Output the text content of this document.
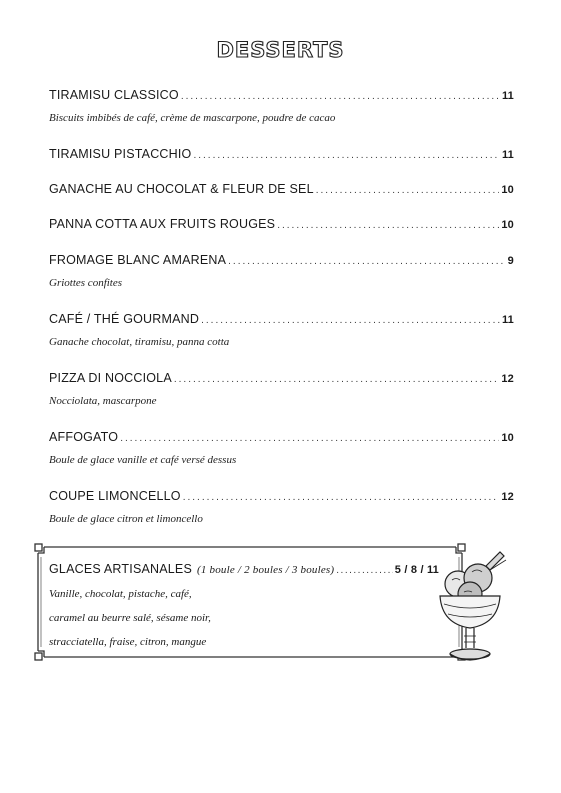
DESSERTS
TIRAMISU CLASSICO .....	11
Biscuits imbibés de café, crème de mascarpone, poudre de cacao
TIRAMISU PISTACCHIO .....	11
GANACHE AU CHOCOLAT & FLEUR DE SEL .....	10
PANNA COTTA AUX FRUITS ROUGES .....	10
FROMAGE BLANC AMARENA .....	9
Griottes confites
CAFÉ / THÉ GOURMAND .....	11
Ganache chocolat, tiramisu, panna cotta
PIZZA DI NOCCIOLA .....	12
Nocciolata, mascarpone
AFFOGATO .....	10
Boule de glace vanille et café versé dessus
COUPE LIMONCELLO .....	12
Boule de glace citron et limoncello
GLACES ARTISANALES (1 boule / 2 boules / 3 boules) .....	5 / 8 / 11
Vanille, chocolat, pistache, café,
caramel au beurre salé, sésame noir,
stracciatella, fraise, citron, mangue
